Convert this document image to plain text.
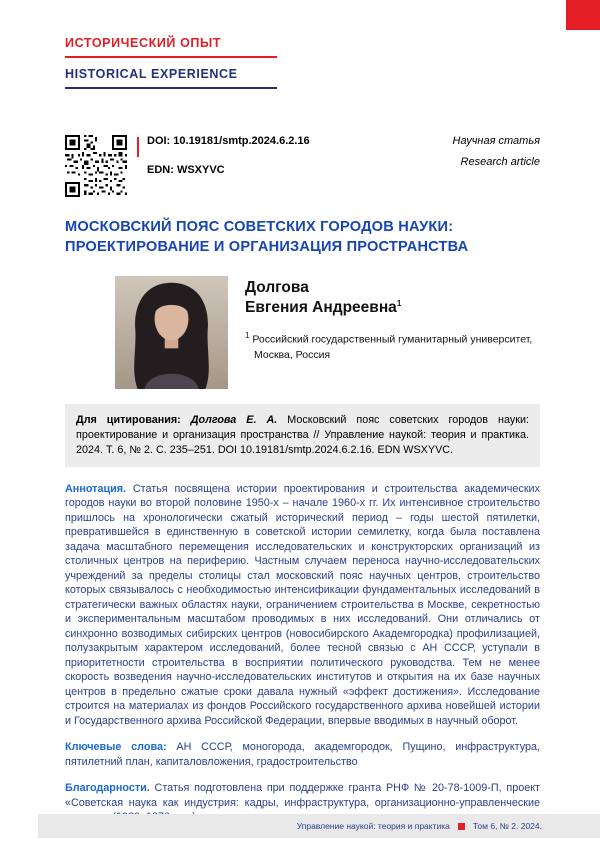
ИСТОРИЧЕСКИЙ ОПЫТ
HISTORICAL EXPERIENCE
DOI: 10.19181/smtp.2024.6.2.16
EDN: WSXYVC
Научная статья
Research article
МОСКОВСКИЙ ПОЯС СОВЕТСКИХ ГОРОДОВ НАУКИ: ПРОЕКТИРОВАНИЕ И ОРГАНИЗАЦИЯ ПРОСТРАНСТВА
Долгова
Евгения Андреевна$^1$
$^1$ Российский государственный гуманитарный университет,
Москва, Россия
Для цитирования: Долгова Е. А. Московский пояс советских городов науки: проектирование и организация пространства // Управление наукой: теория и практика. 2024. Т. 6, № 2. С. 235–251. DOI 10.19181/smtp.2024.6.2.16. EDN WSXYVC.
Аннотация. Статья посвящена истории проектирования и строительства академических городов науки во второй половине 1950-х – начале 1960-х гг. Их интенсивное строительство пришлось на хронологически сжатый исторический период – годы шестой пятилетки, превратившейся в единственную в советской истории семилетку, когда была поставлена задача масштабного перемещения исследовательских и конструкторских организаций из столичных центров на периферию. Частным случаем переноса научно-исследовательских учреждений за пределы столицы стал московский пояс научных центров, строительство которых связывалось с необходимостью интенсификации фундаментальных исследований в стратегически важных областях науки, ограничением строительства в Москве, секретностью и экспериментальным масштабом проводимых в них исследований. Они отличались от синхронно возводимых сибирских центров (новосибирского Академгородка) профилизацией, полузакрытым характером исследований, более тесной связью с АН СССР, уступали в приоритетности строительства в восприятии политического руководства. Тем не менее скорость возведения научно-исследовательских институтов и открытия на их базе научных центров в предельно сжатые сроки давала нужный «эффект достижения». Исследование строится на материалах из фондов Российского государственного архива новейшей истории и Государственного архива Российской Федерации, впервые вводимых в научный оборот.
Ключевые слова: АН СССР, моногорода, академгородок, Пущино, инфраструктура, пятилетний план, капиталовложения, градостроительство
Благодарности. Статья подготовлена при поддержке гранта РНФ № 20-78-1009-П, проект «Советская наука как индустрия: кадры, инфраструктура, организационно-управленческие
Управление наукой: теория и практика	Том 6, № 2. 2024.
